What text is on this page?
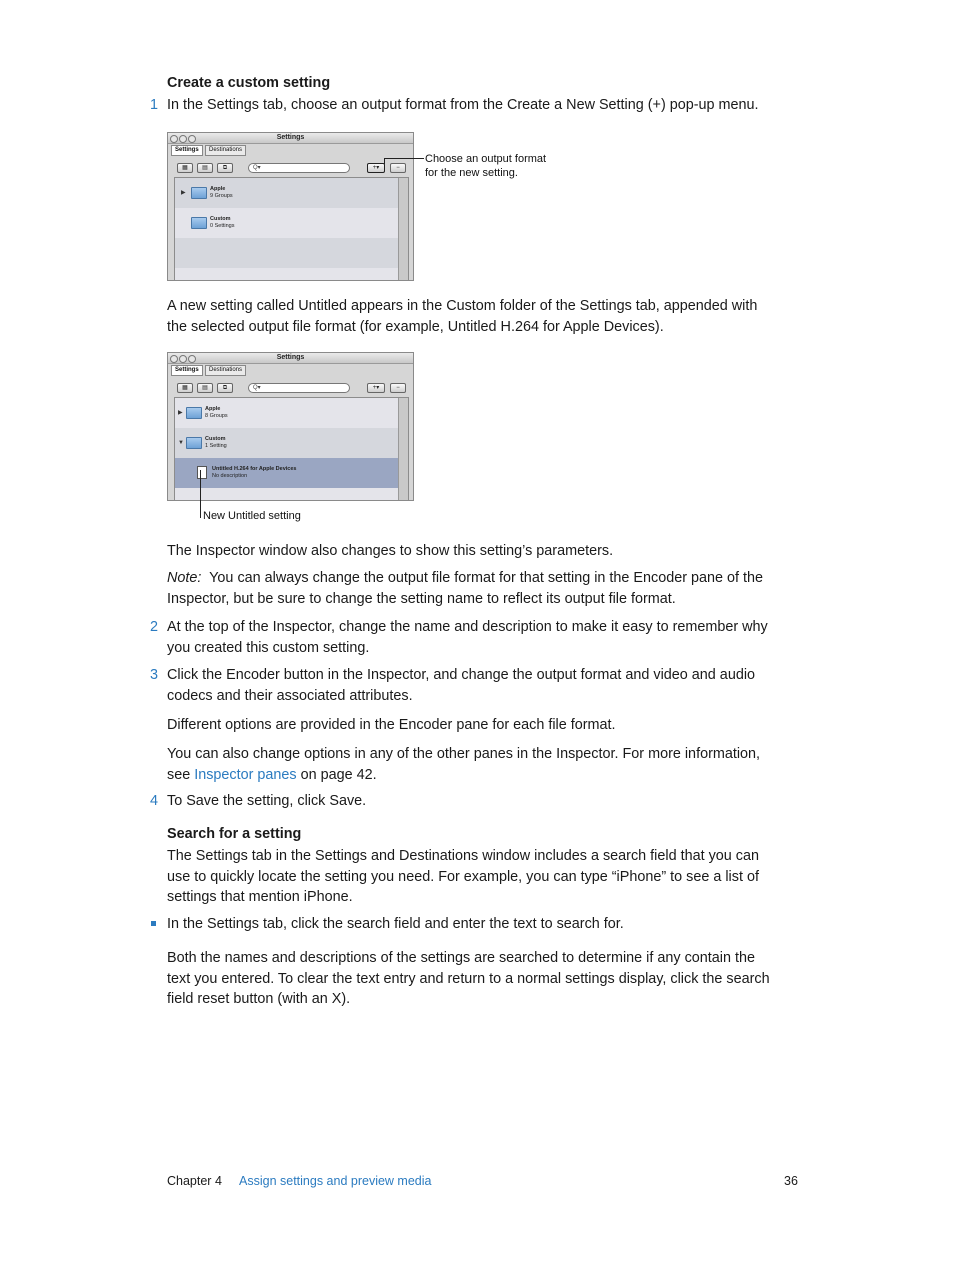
Create a custom setting
1 In the Settings tab, choose an output format from the Create a New Setting (+) pop-up menu.
Settings
Settings	Destinations
▦	▤	⧉	Q▾	+▾	−
▶
Apple
9 Groups
Custom
0 Settings
Choose an output format
for the new setting.
A new setting called Untitled appears in the Custom folder of the Settings tab, appended with
the selected output file format (for example, Untitled H.264 for Apple Devices).
Settings
Settings	Destinations
▦	▤	⧉	Q▾	+▾	−
▶
Apple
8 Groups
▼
Custom
1 Setting
Untitled H.264 for Apple Devices
No description
New Untitled setting
The Inspector window also changes to show this setting’s parameters.
Note: You can always change the output file format for that setting in the Encoder pane of the
Inspector, but be sure to change the setting name to reflect its output file format.
2 At the top of the Inspector, change the name and description to make it easy to remember why
you created this custom setting.
3 Click the Encoder button in the Inspector, and change the output format and video and audio
codecs and their associated attributes.
Different options are provided in the Encoder pane for each file format.
You can also change options in any of the other panes in the Inspector. For more information,
see Inspector panes on page 42.
4 To Save the setting, click Save.
Search for a setting
The Settings tab in the Settings and Destinations window includes a search field that you can
use to quickly locate the setting you need. For example, you can type “iPhone” to see a list of
settings that mention iPhone.
In the Settings tab, click the search field and enter the text to search for.
Both the names and descriptions of the settings are searched to determine if any contain the
text you entered. To clear the text entry and return to a normal settings display, click the search
field reset button (with an X).
Chapter 4 Assign settings and preview media	36
